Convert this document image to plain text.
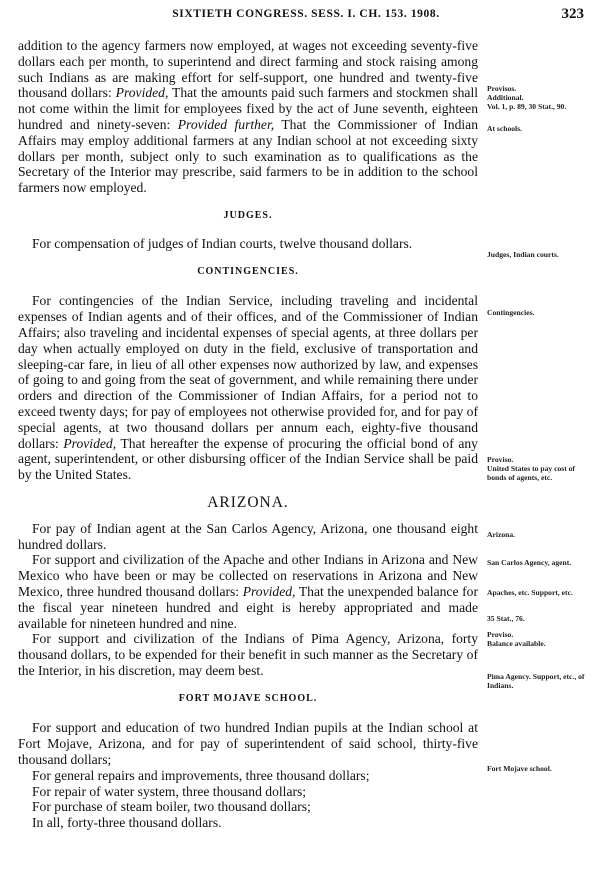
SIXTIETH CONGRESS. SESS. I. CH. 153. 1908.	323

addition to the agency farmers now employed, at wages not exceeding seventy-five dollars each per month, to superintend and direct farming and stock raising among such Indians as are making effort for self-support, one hundred and twenty-five thousand dollars: Provided, That the amounts paid such farmers and stockmen shall not come within the limit for employees fixed by the act of June seventh, eighteen hundred and ninety-seven: Provided further, That the Commissioner of Indian Affairs may employ additional farmers at any Indian school at not exceeding sixty dollars per month, subject only to such examination as to qualifications as the Secretary of the Interior may prescribe, said farmers to be in addition to the school farmers now employed.

JUDGES.

For compensation of judges of Indian courts, twelve thousand dollars.

CONTINGENCIES.

For contingencies of the Indian Service, including traveling and incidental expenses of Indian agents and of their offices, and of the Commissioner of Indian Affairs; also traveling and incidental expenses of special agents, at three dollars per day when actually employed on duty in the field, exclusive of transportation and sleeping-car fare, in lieu of all other expenses now authorized by law, and expenses of going to and going from the seat of government, and while remaining there under orders and direction of the Commissioner of Indian Affairs, for a period not to exceed twenty days; for pay of employees not otherwise provided for, and for pay of special agents, at two thousand dollars per annum each, eighty-five thousand dollars: Provided, That hereafter the expense of procuring the official bond of any agent, superintendent, or other disbursing officer of the Indian Service shall be paid by the United States.

ARIZONA.

For pay of Indian agent at the San Carlos Agency, Arizona, one thousand eight hundred dollars.

For support and civilization of the Apache and other Indians in Arizona and New Mexico who have been or may be collected on reservations in Arizona and New Mexico, three hundred thousand dollars: Provided, That the unexpended balance for the fiscal year nineteen hundred and eight is hereby appropriated and made available for nineteen hundred and nine.

For support and civilization of the Indians of Pima Agency, Arizona, forty thousand dollars, to be expended for their benefit in such manner as the Secretary of the Interior, in his discretion, may deem best.

FORT MOJAVE SCHOOL.

For support and education of two hundred Indian pupils at the Indian school at Fort Mojave, Arizona, and for pay of superintendent of said school, thirty-five thousand dollars;

For general repairs and improvements, three thousand dollars;

For repair of water system, three thousand dollars;

For purchase of steam boiler, two thousand dollars;

In all, forty-three thousand dollars.

Provisos.
Additional.
Vol. 1, p. 89, 30 Stat., 90.
At schools.
Judges, Indian courts.
Contingencies.
Proviso.
United States to pay cost of bonds of agents, etc.
Arizona.
San Carlos Agency, agent.
Apaches, etc. Support, etc.
35 Stat., 76.
Proviso.
Balance available.
Pima Agency. Support, etc., of Indians.
Fort Mojave school.
